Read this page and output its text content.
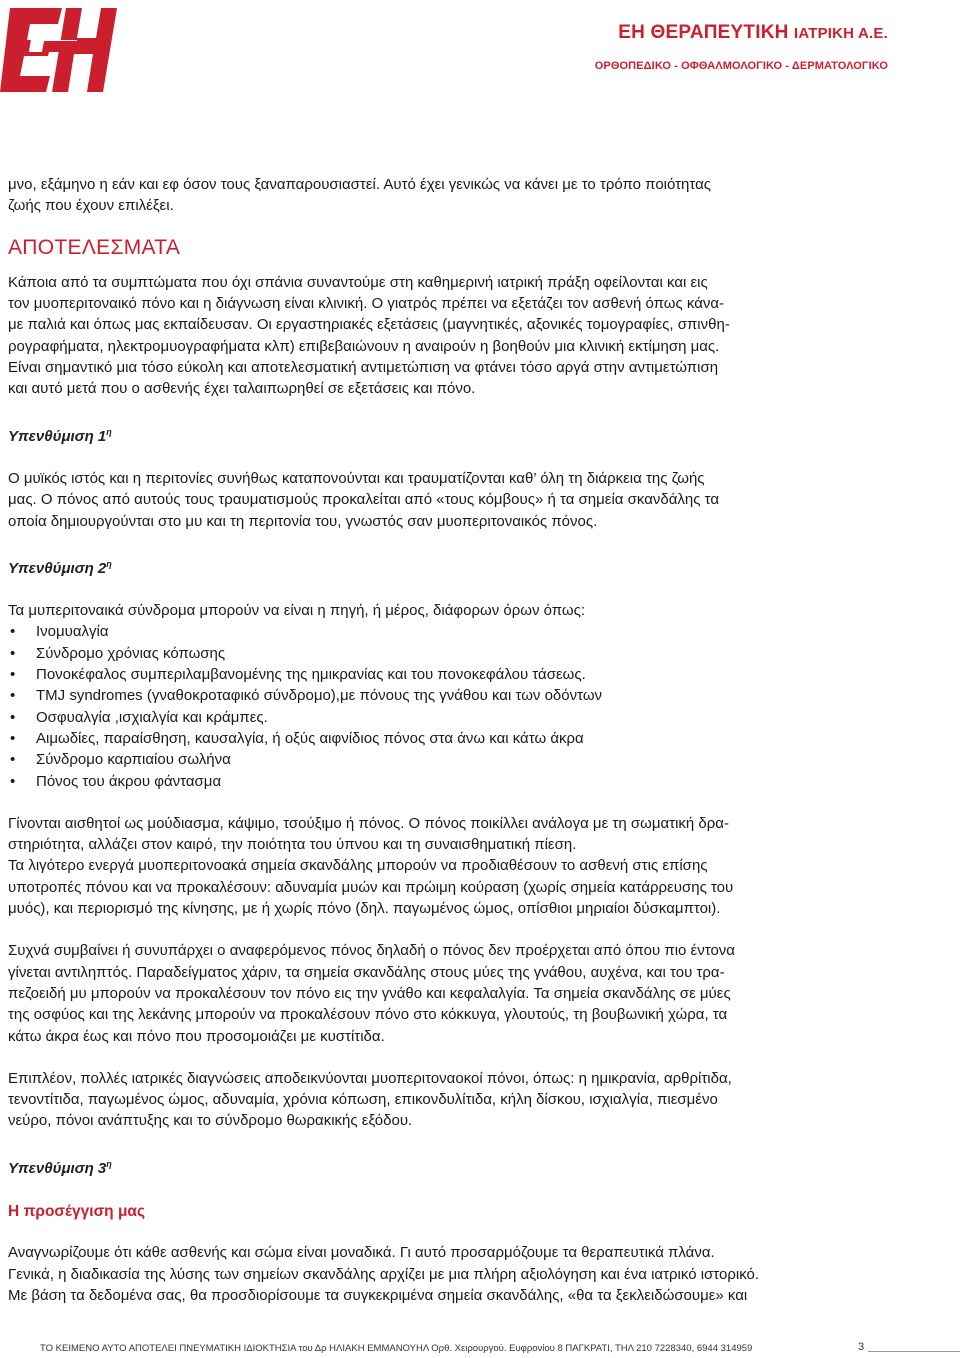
ΕΗ ΘΕΡΑΠΕΥΤΙΚΗ ΙΑΤΡΙΚΗ Α.Ε.
ΟΡΘΟΠΕΔΙΚΟ - ΟΦΘΑΛΜΟΛΟΓΙΚΟ - ΔΕΡΜΑΤΟΛΟΓΙΚΟ

μνο, εξάμηνο η εάν και εφ όσον τους ξαναπαρουσιαστεί. Αυτό έχει γενικώς να κάνει με το τρόπο ποιότητας

ζωής που έχουν επιλέξει.

ΑΠΟΤΕΛΕΣΜΑΤΑ

Κάποια από τα συμπτώματα που όχι σπάνια συναντούμε στη καθημερινή ιατρική πράξη οφείλονται και εις

τον μυοπεριτοναικό πόνο και η διάγνωση είναι κλινική. Ο γιατρός πρέπει να εξετάζει τον ασθενή όπως κάνα-

με παλιά και όπως μας εκπαίδευσαν. Οι εργαστηριακές εξετάσεις (μαγνητικές, αξονικές τομογραφίες, σπινθη-

ρογραφήματα, ηλεκτρομυογραφήματα κλπ) επιβεβαιώνουν η αναιρούν η βοηθούν μια κλινική εκτίμηση μας.

Είναι σημαντικό μια τόσο εύκολη και αποτελεσματική αντιμετώπιση να φτάνει τόσο αργά στην αντιμετώπιση

και αυτό μετά που ο ασθενής έχει ταλαιπωρηθεί σε εξετάσεις και πόνο.

Υπενθύμιση $1^\eta$

Ο μυϊκός ιστός και η περιτονίες συνήθως καταπονούνται και τραυματίζονται καθ’ όλη τη διάρκεια της ζωής

μας. Ο πόνος από αυτούς τους τραυματισμούς προκαλείται από «τους κόμβους» ή τα σημεία σκανδάλης τα

οποία δημιουργούνται στο μυ και τη περιτονία του, γνωστός σαν μυοπεριτοναικός πόνος.

Υπενθύμιση $2^\eta$

Τα μυπεριτοναικά σύνδρομα μπορούν να είναι η πηγή, ή μέρος, διάφορων όρων όπως:

• Ινομυαλγία
• Σύνδρομο χρόνιας κόπωσης
• Πονοκέφαλος συμπεριλαμβανομένης της ημικρανίας και του πονοκεφάλου τάσεως.
• TMJ syndromes (γναθοκροταφικό σύνδρομο),με πόνους της γνάθου και των οδόντων
• Οσφυαλγία ,ισχιαλγία και κράμπες.
• Αιμωδίες, παραίσθηση, καυσαλγία, ή οξύς αιφνίδιος πόνος στα άνω και κάτω άκρα
• Σύνδρομο καρπιαίου σωλήνα
• Πόνος του άκρου φάντασμα

Γίνονται αισθητοί ως μούδιασμα, κάψιμο, τσούξιμο ή πόνος. Ο πόνος ποικίλλει ανάλογα με τη σωματική δρα-

στηριότητα, αλλάζει στον καιρό, την ποιότητα του ύπνου και τη συναισθηματική πίεση.

Τα λιγότερο ενεργά μυοπεριτονοακά σημεία σκανδάλης μπορούν να προδιαθέσουν το ασθενή στις επίσης

υποτροπές πόνου και να προκαλέσουν: αδυναμία μυών και πρώιμη κούραση (χωρίς σημεία κατάρρευσης του

μυός), και περιορισμό της κίνησης, με ή χωρίς πόνο (δηλ. παγωμένος ώμος, οπίσθιοι μηριαίοι δύσκαμπτοι).

Συχνά συμβαίνει ή συνυπάρχει ο αναφερόμενος πόνος δηλαδή ο πόνος δεν προέρχεται από όπου πιο έντονα

γίνεται αντιληπτός. Παραδείγματος χάριν, τα σημεία σκανδάλης στους μύες της γνάθου, αυχένα, και του τρα-

πεζοειδή μυ μπορούν να προκαλέσουν τον πόνο εις την γνάθο και κεφαλαλγία. Τα σημεία σκανδάλης σε μύες

της οσφύος και της λεκάνης μπορούν να προκαλέσουν πόνο στο κόκκυγα, γλουτούς, τη βουβωνική χώρα, τα

κάτω άκρα έως και πόνο που προσομοιάζει με κυστίτιδα.

Επιπλέον, πολλές ιατρικές διαγνώσεις αποδεικνύονται μυοπεριτοναοκοί πόνοι, όπως: η ημικρανία, αρθρίτιδα,

τενοντίτιδα, παγωμένος ώμος, αδυναμία, χρόνια κόπωση, επικονδυλίτιδα, κήλη δίσκου, ισχιαλγία, πιεσμένο

νεύρο, πόνοι ανάπτυξης και το σύνδρομο θωρακικής εξόδου.

Υπενθύμιση $3^\eta$
Η προσέγγιση μας

Αναγνωρίζουμε ότι κάθε ασθενής και σώμα είναι μοναδικά. Γι αυτό προσαρμόζουμε τα θεραπευτικά πλάνα.

Γενικά, η διαδικασία της λύσης των σημείων σκανδάλης αρχίζει με μια πλήρη αξιολόγηση και ένα ιατρικό ιστορικό.

Με βάση τα δεδομένα σας, θα προσδιορίσουμε τα συγκεκριμένα σημεία σκανδάλης, «θα τα ξεκλειδώσουμε» και

ΤΟ ΚΕΙΜΕΝΟ ΑΥΤΟ ΑΠΟΤΕΛΕΙ ΠΝΕΥΜΑΤΙΚΗ ΙΔΙΟΚΤΗΣΙΑ του Δρ ΗΛΙΑΚΗ ΕΜΜΑΝΟΥΗΛ Ορθ. Χειρουργού. Ευφρονίου 8 ΠΑΓΚΡΑΤΙ, ΤΗΛ 210 7228340, 6944 314959	3
